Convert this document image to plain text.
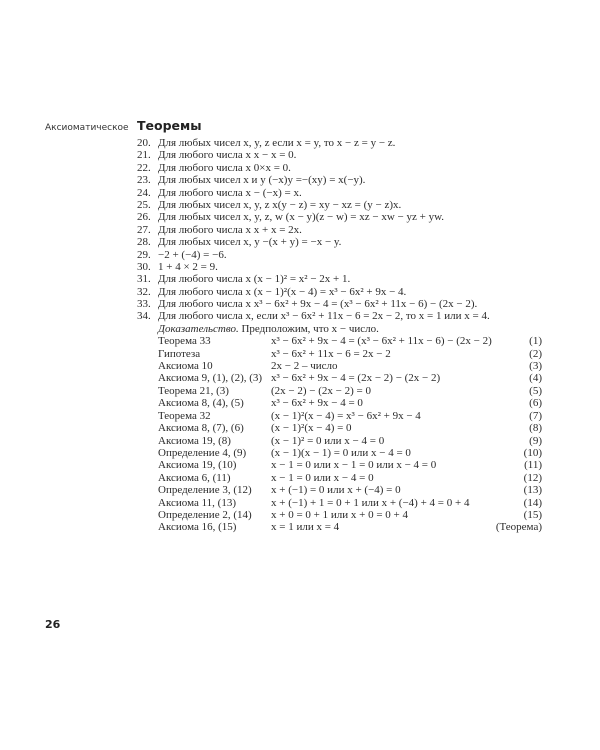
Аксиоматическое Теоремы
20. Для любых чисел x, y, z если x = y, то x − z = y − z.
21. Для любого числа x x − x = 0.
22. Для любого числа x 0×x = 0.
23. Для любых чисел x и y (−x)y =−(xy) = x(−y).
24. Для любого числа x − (−x) = x.
25. Для любых чисел x, y, z x(y − z) = xy − xz = (y − z)x.
26. Для любых чисел x, y, z, w (x − y)(z − w) = xz − xw − yz + yw.
27. Для любого числа x x + x = 2x.
28. Для любых чисел x, y −(x + y) = −x − y.
29. −2 + (−4) = −6.
30. 1 + 4 × 2 = 9.
31. Для любого числа x (x − 1)² = x² − 2x + 1.
32. Для любого числа x (x − 1)²(x − 4) = x³ − 6x² + 9x − 4.
33. Для любого числа x x³ − 6x² + 9x − 4 = (x³ − 6x² + 11x − 6) − (2x − 2).
34. Для любого числа x, если x³ − 6x² + 11x − 6 = 2x − 2, то x = 1 или x = 4.
Доказательство. Предположим, что x − число.
Теорема 33	x³ − 6x² + 9x − 4 = (x³ − 6x² + 11x − 6) − (2x − 2)	(1)
Гипотеза	x³ − 6x² + 11x − 6 = 2x − 2	(2)
Аксиома 10	2x − 2 – число	(3)
Аксиома 9, (1), (2), (3)	x³ − 6x² + 9x − 4 = (2x − 2) − (2x − 2)	(4)
Теорема 21, (3)	(2x − 2) − (2x − 2) = 0	(5)
Аксиома 8, (4), (5)	x³ − 6x² + 9x − 4 = 0	(6)
Теорема 32	(x − 1)²(x − 4) = x³ − 6x² + 9x − 4	(7)
Аксиома 8, (7), (6)	(x − 1)²(x − 4) = 0	(8)
Аксиома 19, (8)	(x − 1)² = 0 или x − 4 = 0	(9)
Определение 4, (9)	(x − 1)(x − 1) = 0 или x − 4 = 0	(10)
Аксиома 19, (10)	x − 1 = 0 или x − 1 = 0 или x − 4 = 0	(11)
Аксиома 6, (11)	x − 1 = 0 или x − 4 = 0	(12)
Определение 3, (12)	x + (−1) = 0 или x + (−4) = 0	(13)
Аксиома 11, (13)	x + (−1) + 1 = 0 + 1 или x + (−4) + 4 = 0 + 4	(14)
Определение 2, (14)	x + 0 = 0 + 1 или x + 0 = 0 + 4	(15)
Аксиома 16, (15)	x = 1 или x = 4	(Теорема)
26
